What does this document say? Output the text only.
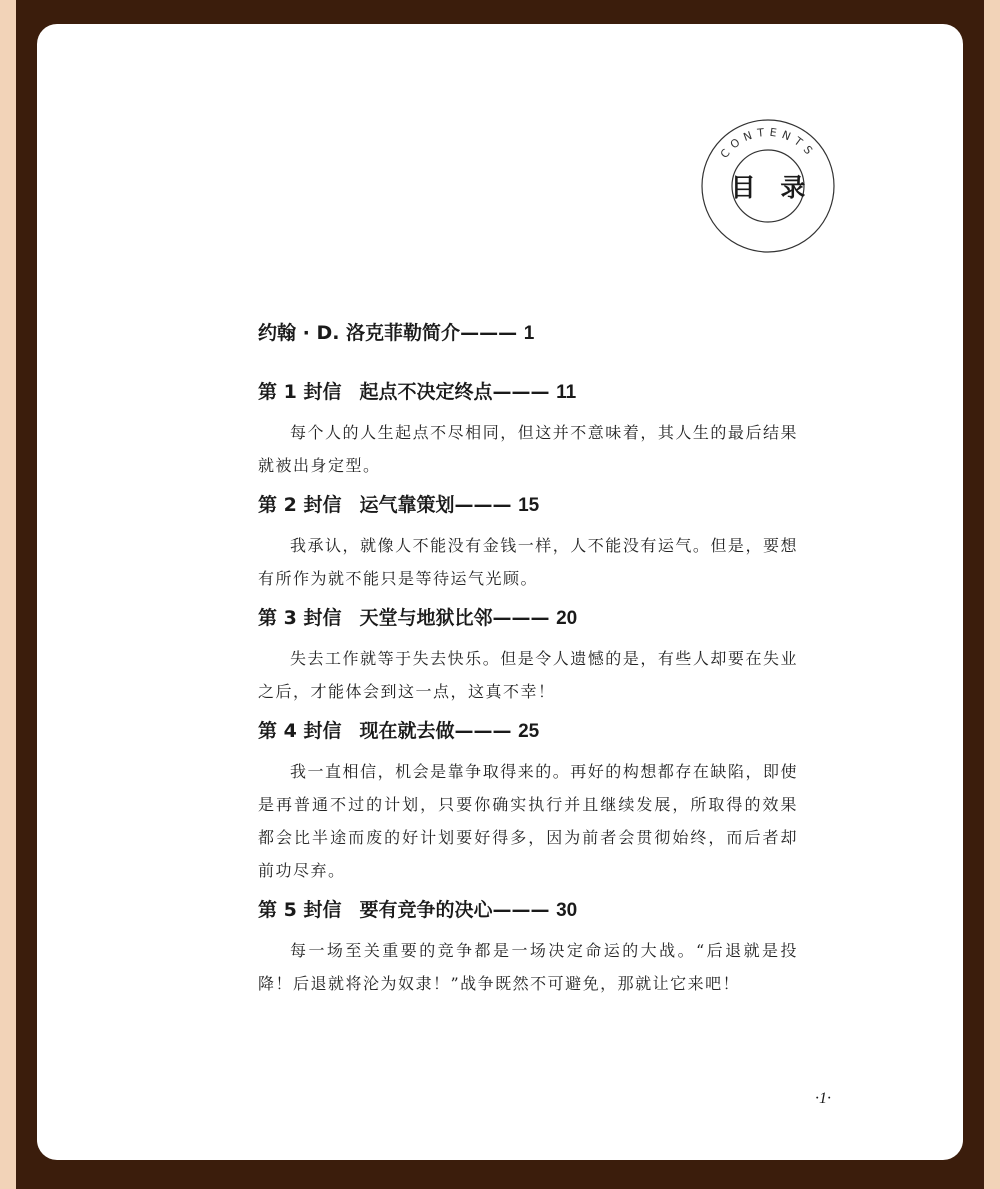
CONTENTS
目 录

约翰 · D. 洛克菲勒简介——— 1

第 1 封信 起点不决定终点——— 11

每个人的人生起点不尽相同，但这并不意味着，其人生的最后结果就被出身定型。

第 2 封信 运气靠策划——— 15

我承认，就像人不能没有金钱一样，人不能没有运气。但是，要想有所作为就不能只是等待运气光顾。

第 3 封信 天堂与地狱比邻——— 20

失去工作就等于失去快乐。但是令人遗憾的是，有些人却要在失业之后，才能体会到这一点，这真不幸！

第 4 封信 现在就去做——— 25

我一直相信，机会是靠争取得来的。再好的构想都存在缺陷，即使是再普通不过的计划，只要你确实执行并且继续发展，所取得的效果都会比半途而废的好计划要好得多，因为前者会贯彻始终，而后者却前功尽弃。

第 5 封信 要有竞争的决心——— 30

每一场至关重要的竞争都是一场决定命运的大战。“后退就是投降！后退就将沦为奴隶！”战争既然不可避免，那就让它来吧！

·1·
